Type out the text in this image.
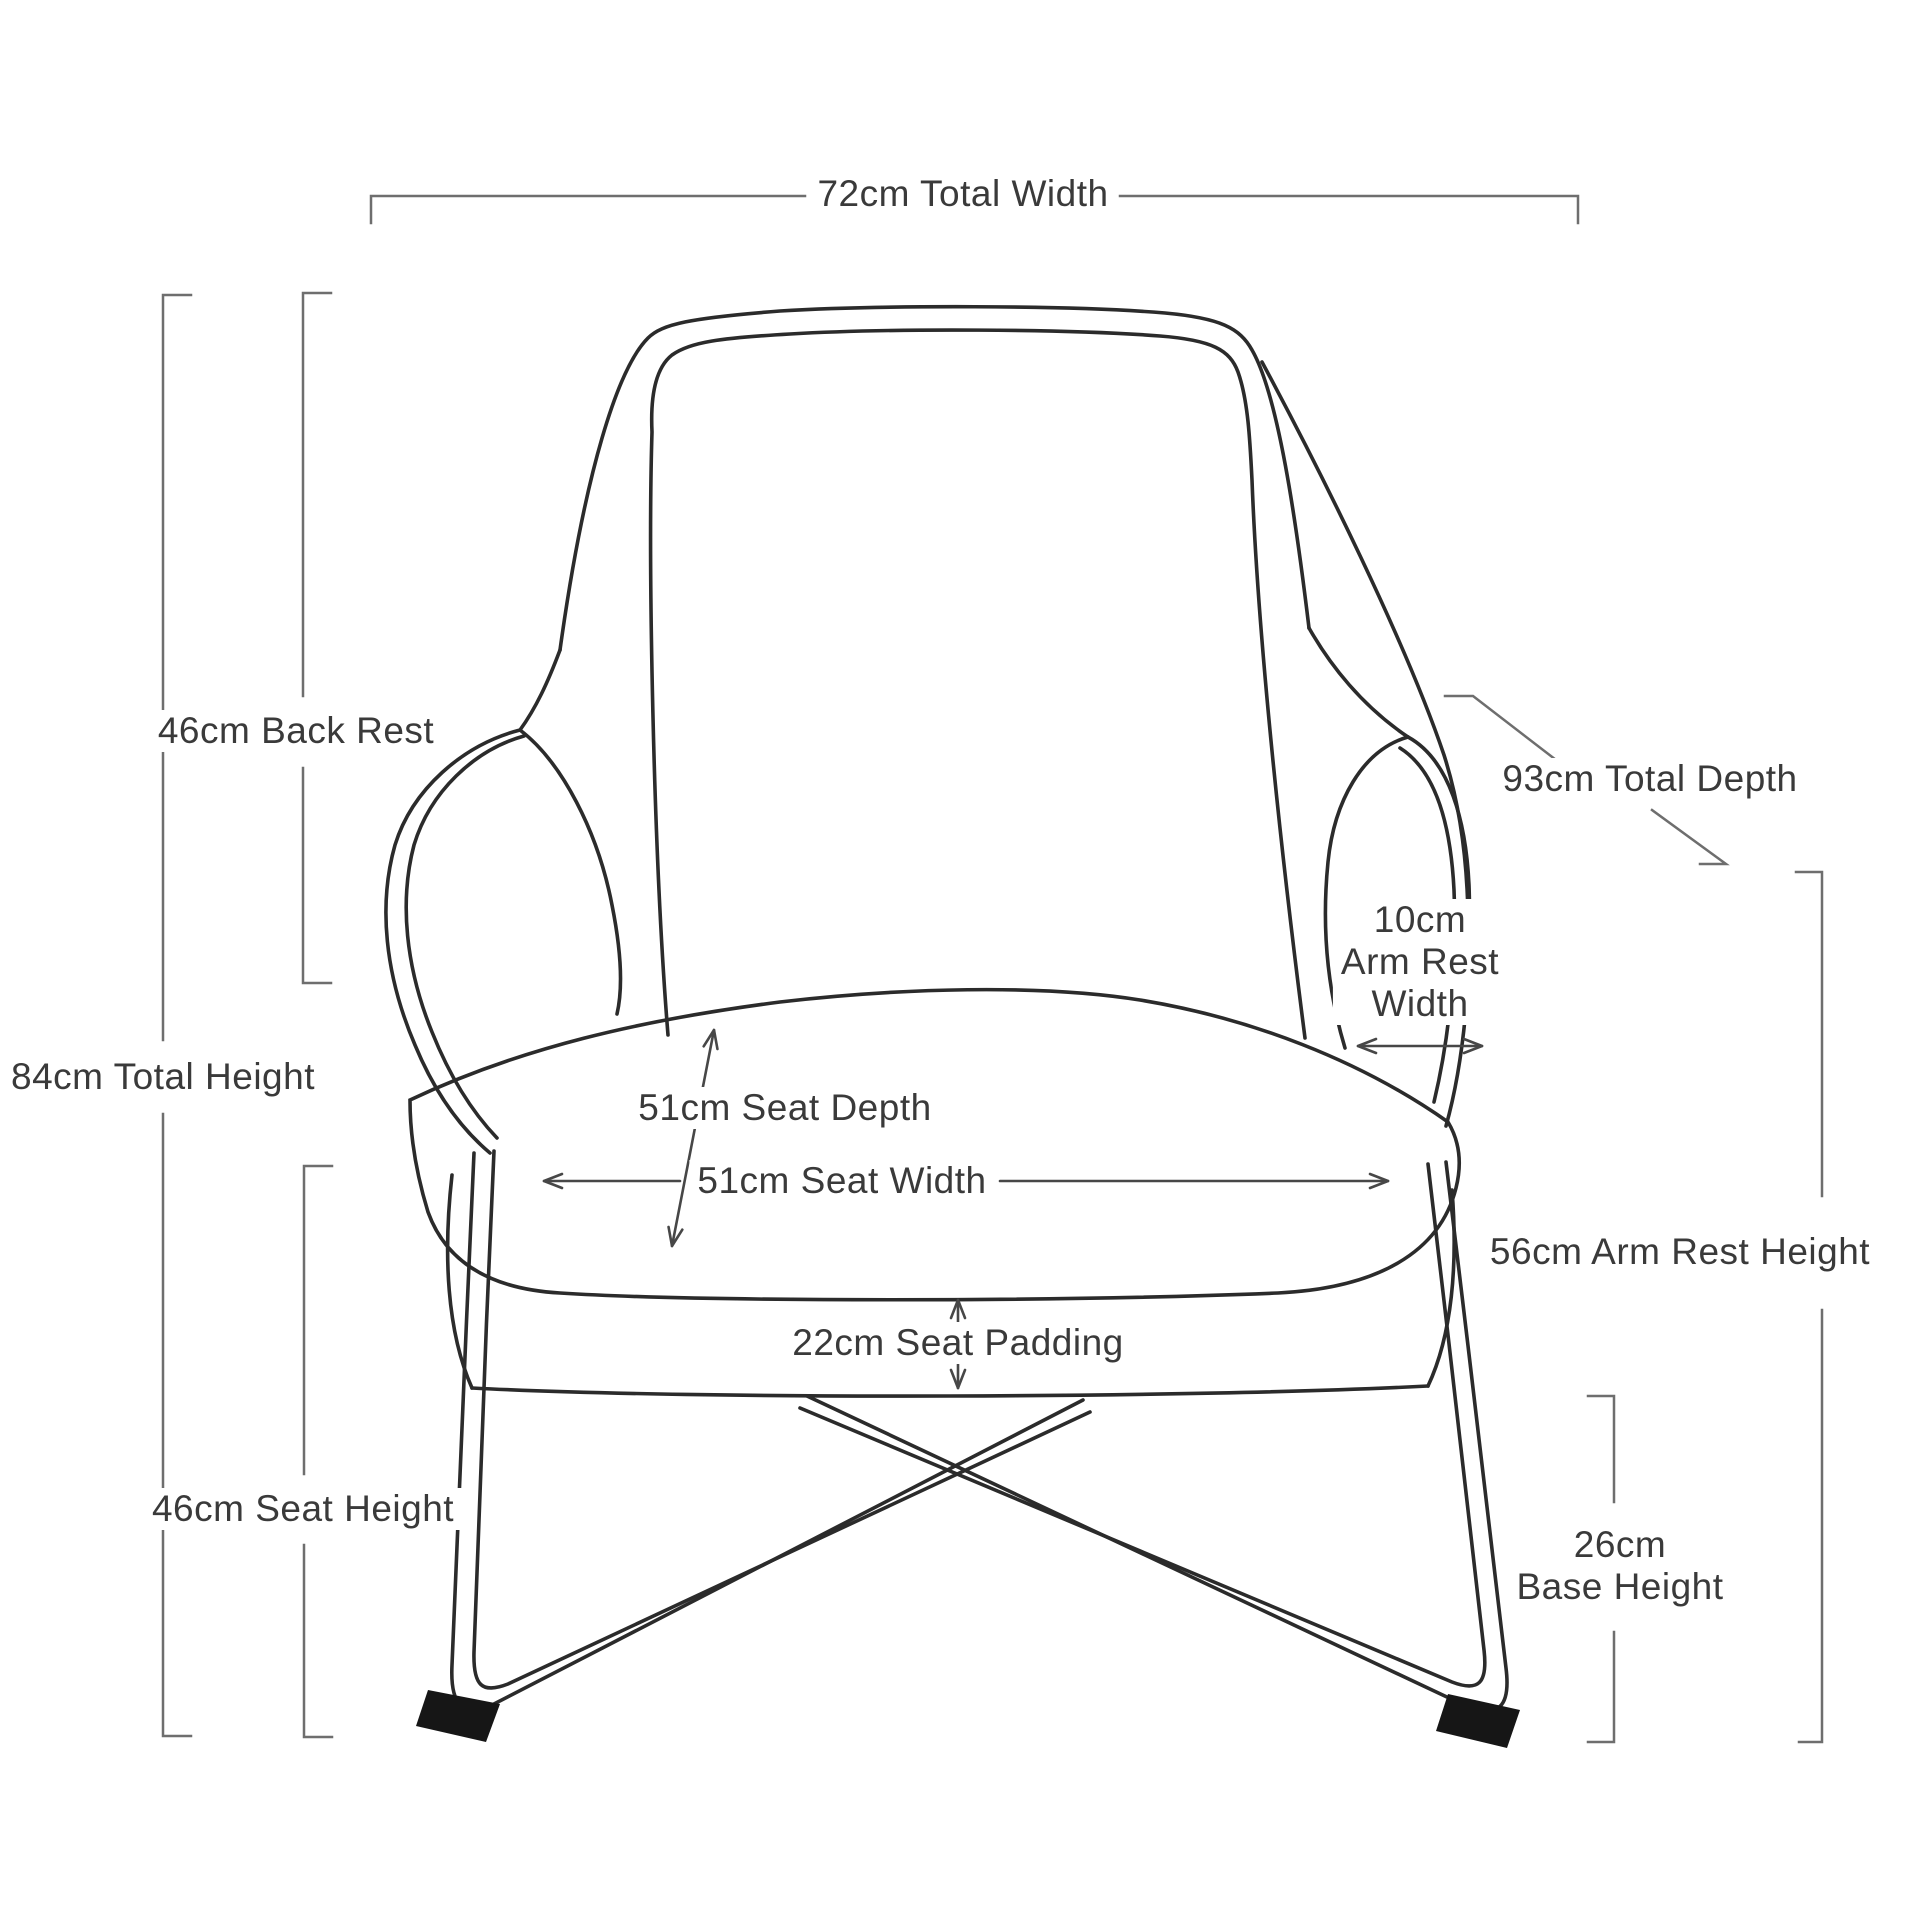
72cm Total Width
84cm Total Height
46cm Back Rest
46cm Seat Height
93cm Total Depth
10cm
Arm Rest
Width
56cm Arm Rest Height
26cm
Base Height
51cm Seat Depth
51cm Seat Width
22cm Seat Padding
